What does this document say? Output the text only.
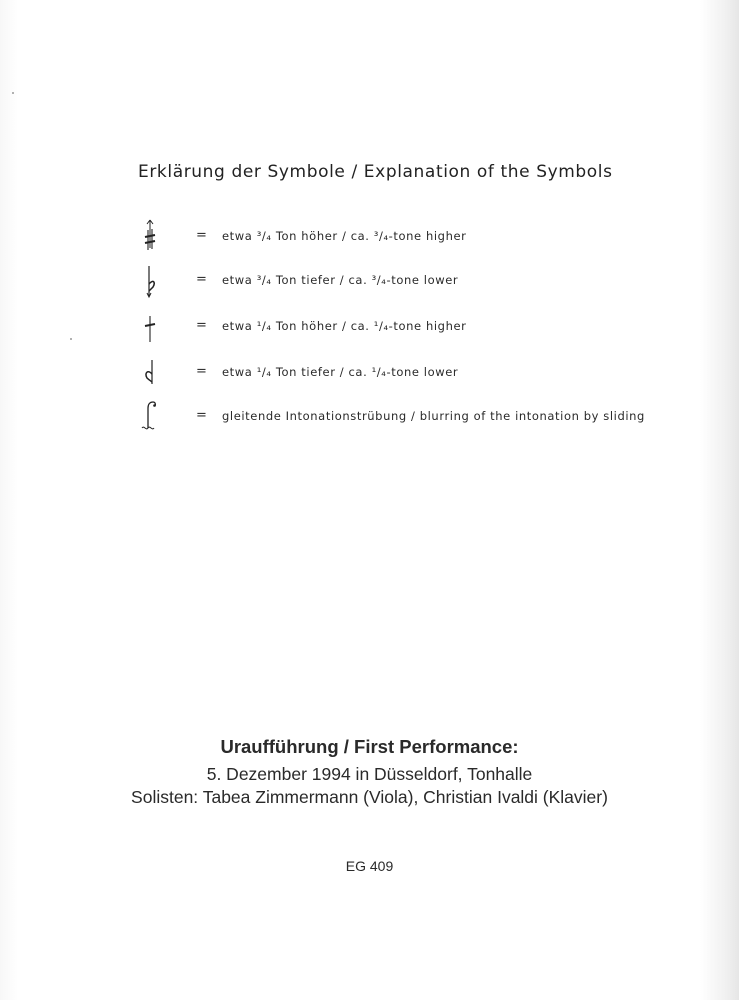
Erklärung der Symbole / Explanation of the Symbols
= etwa ³/₄ Ton höher / ca. ³/₄-tone higher
= etwa ³/₄ Ton tiefer / ca. ³/₄-tone lower
= etwa ¹/₄ Ton höher / ca. ¹/₄-tone higher
= etwa ¹/₄ Ton tiefer / ca. ¹/₄-tone lower
= gleitende Intonationstrübung / blurring of the intonation by sliding
Uraufführung / First Performance:
5. Dezember 1994 in Düsseldorf, Tonhalle
Solisten: Tabea Zimmermann (Viola), Christian Ivaldi (Klavier)
EG 409
